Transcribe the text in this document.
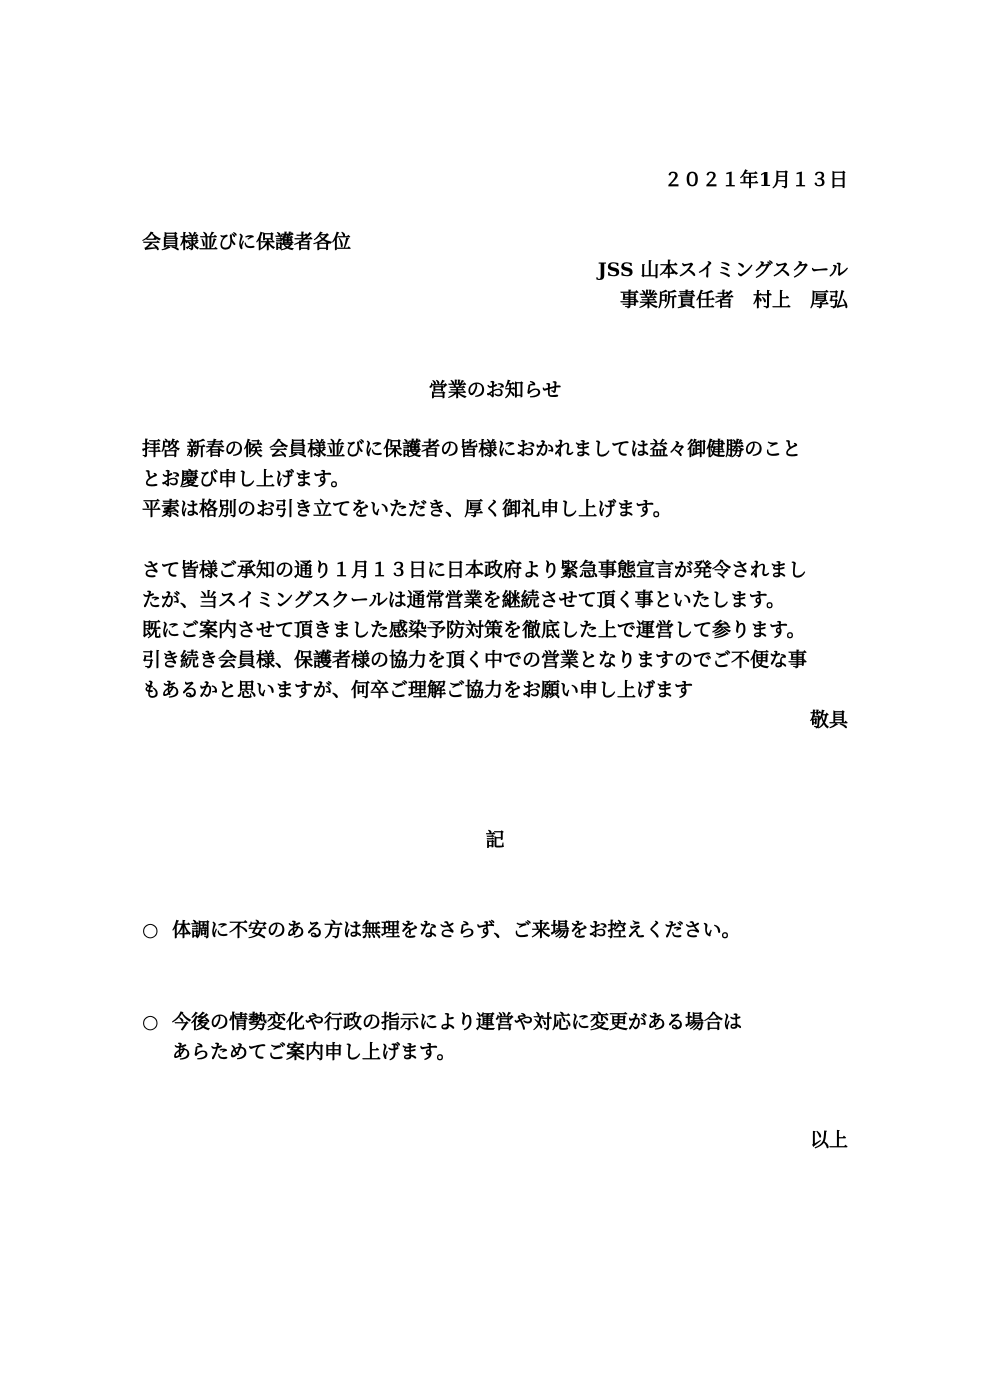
２０２１年1月１３日
会員様並びに保護者各位
JSS 山本スイミングスクール
事業所責任者　村上　厚弘
営業のお知らせ
拝啓 新春の候 会員様並びに保護者の皆様におかれましては益々御健勝のこと
とお慶び申し上げます。
平素は格別のお引き立てをいただき、厚く御礼申し上げます。
さて皆様ご承知の通り１月１３日に日本政府より緊急事態宣言が発令されまし
たが、当スイミングスクールは通常営業を継続させて頂く事といたします。
既にご案内させて頂きました感染予防対策を徹底した上で運営して参ります。
引き続き会員様、保護者様の協力を頂く中での営業となりますのでご不便な事
もあるかと思いますが、何卒ご理解ご協力をお願い申し上げます
敬具
記
○ 体調に不安のある方は無理をなさらず、ご来場をお控えください。
○ 今後の情勢変化や行政の指示により運営や対応に変更がある場合は
あらためてご案内申し上げます。
以上
